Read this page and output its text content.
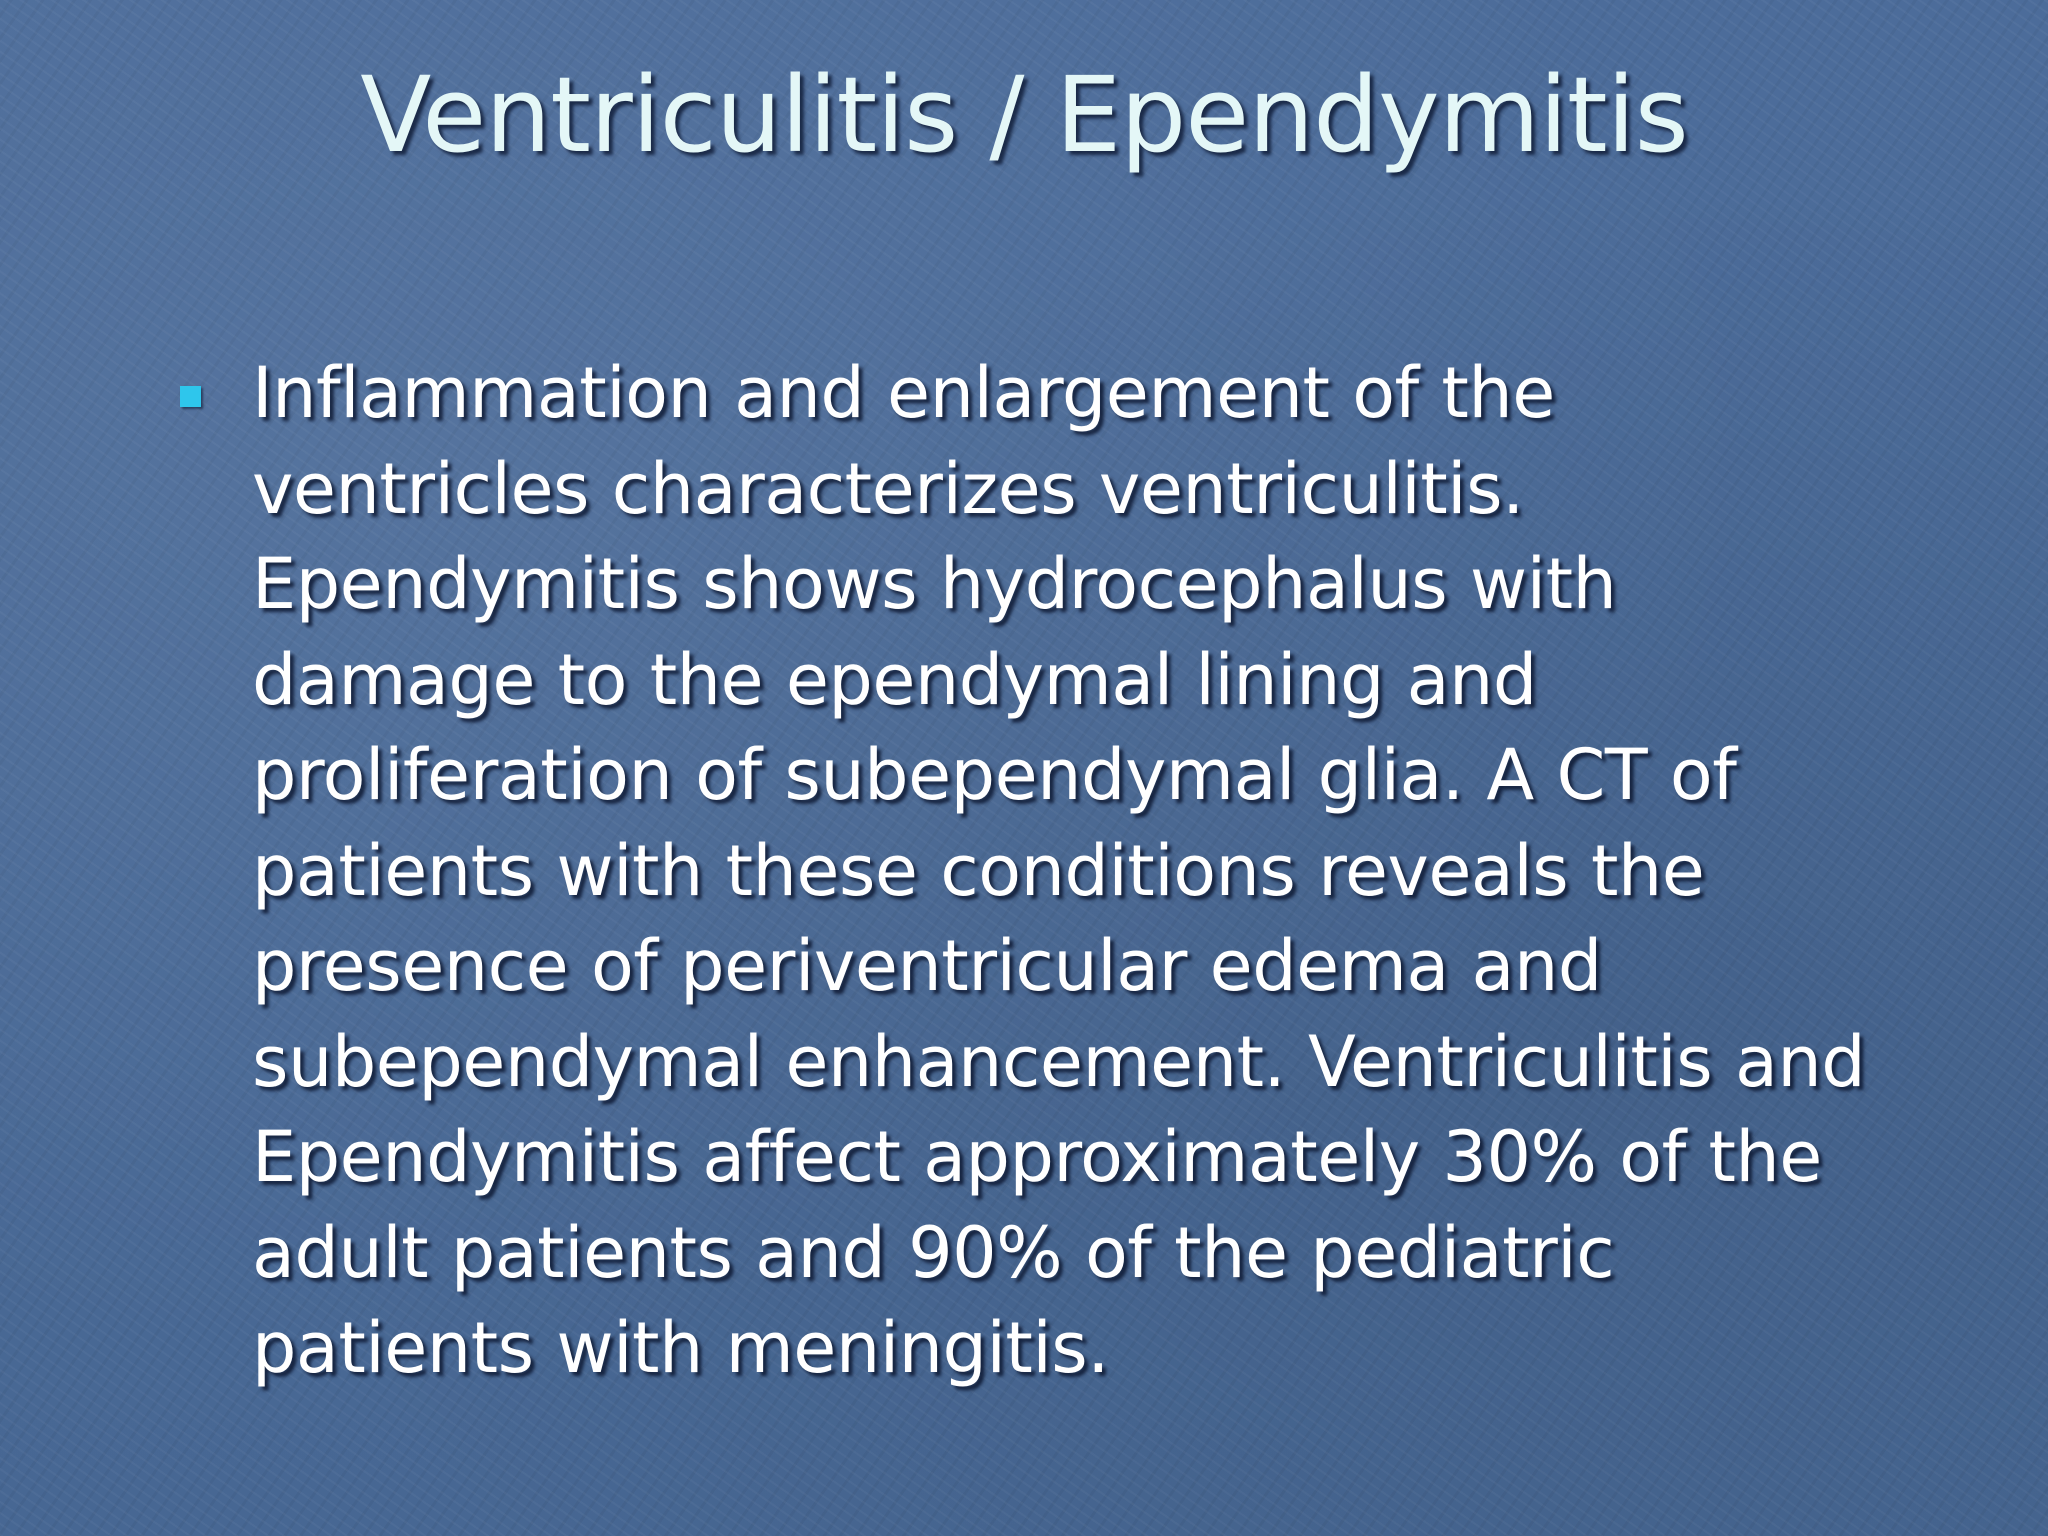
Ventriculitis / Ependymitis
Inflammation and enlargement of the ventricles characterizes ventriculitis. Ependymitis shows hydrocephalus with damage to the ependymal lining and proliferation of subependymal glia. A CT of patients with these conditions reveals the presence of periventricular edema and subependymal enhancement. Ventriculitis and Ependymitis affect approximately 30% of the adult patients and 90% of the pediatric patients with meningitis.
